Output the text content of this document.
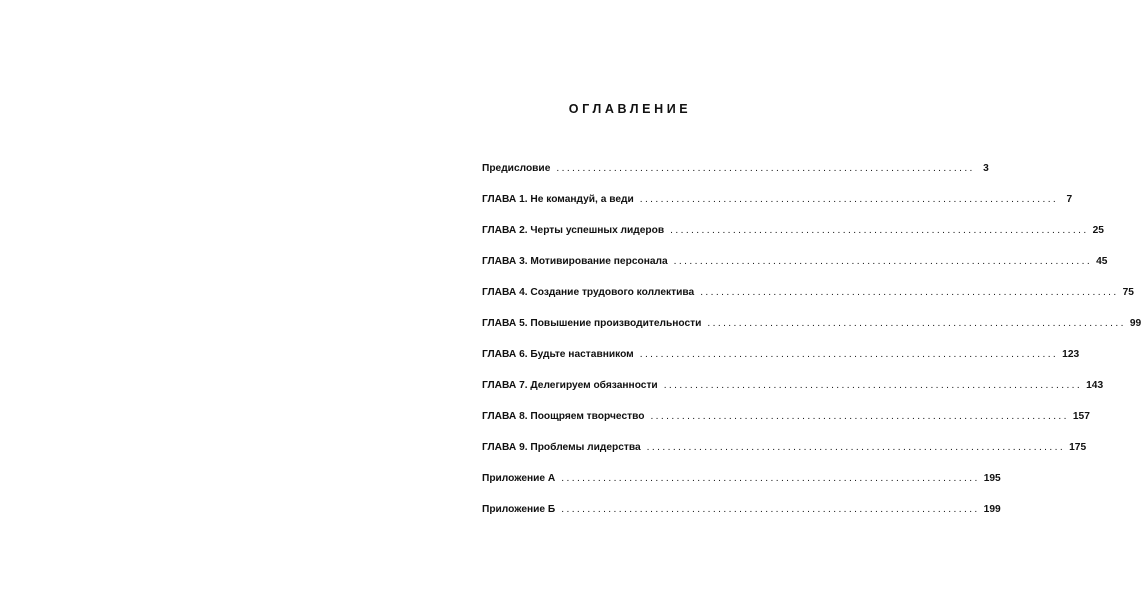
ОГЛАВЛЕНИЕ
Предисловие ................................................................................ 3
ГЛАВА 1. Не командуй, а веди ................................................................................ 7
ГЛАВА 2. Черты успешных лидеров ................................................................................ 25
ГЛАВА 3. Мотивирование персонала ................................................................................ 45
ГЛАВА 4. Создание трудового коллектива ................................................................................ 75
ГЛАВА 5. Повышение производительности ................................................................................ 99
ГЛАВА 6. Будьте наставником ................................................................................ 123
ГЛАВА 7. Делегируем обязанности ................................................................................ 143
ГЛАВА 8. Поощряем творчество ................................................................................ 157
ГЛАВА 9. Проблемы лидерства ................................................................................ 175
Приложение А ................................................................................ 195
Приложение Б ................................................................................ 199
